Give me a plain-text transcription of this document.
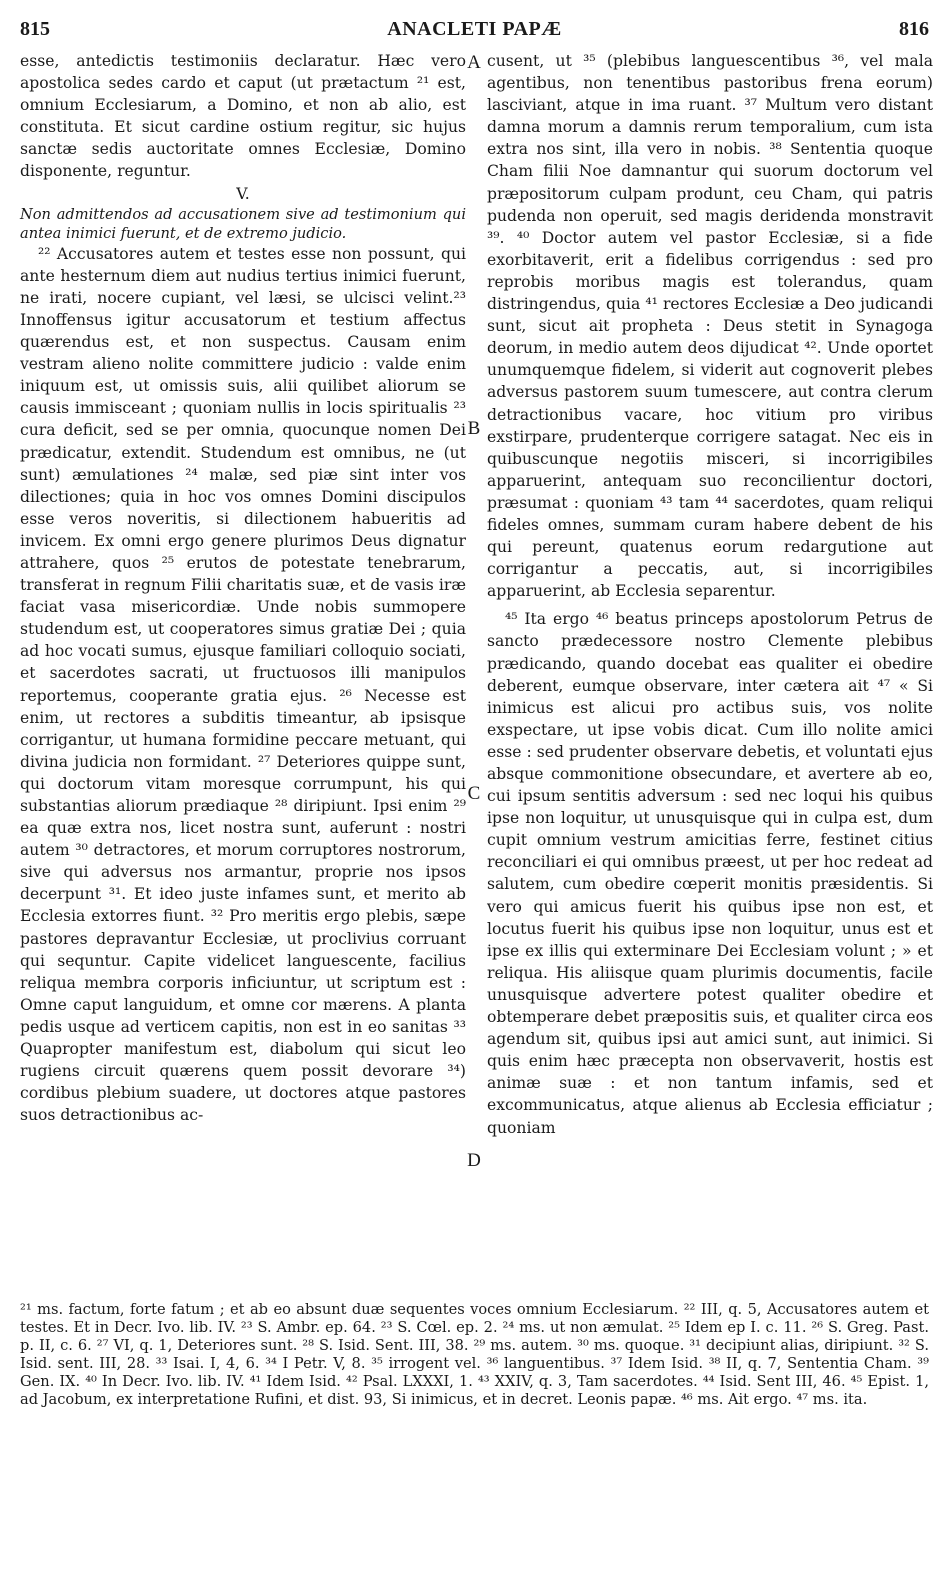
815	ANACLETI PAPÆ	816

esse, antedictis testimoniis declaratur. Hæc vero apostolica sedes cardo et caput (ut prætactum ²¹ est, omnium Ecclesiarum, a Domino, et non ab alio, est constituta. Et sicut cardine ostium regitur, sic hujus sanctæ sedis auctoritate omnes Ecclesiæ, Domino disponente, reguntur.

V.

Non admittendos ad accusationem sive ad testimonium qui antea inimici fuerunt, et de extremo judicio.

²² Accusatores autem et testes esse non possunt, qui ante hesternum diem aut nudius tertius inimici fuerunt, ne irati, nocere cupiant, vel læsi, se ulcisci velint.²³ Innoffensus igitur accusatorum et testium affectus quærendus est, et non suspectus. Causam enim vestram alieno nolite committere judicio : valde enim iniquum est, ut omissis suis, alii quilibet aliorum se causis immisceant ; quoniam nullis in locis spiritualis ²³ cura deficit, sed se per omnia, quocunque nomen Dei prædicatur, extendit. Studendum est omnibus, ne (ut sunt) æmulationes ²⁴ malæ, sed piæ sint inter vos dilectiones; quia in hoc vos omnes Domini discipulos esse veros noveritis, si dilectionem habueritis ad invicem. Ex omni ergo genere plurimos Deus dignatur attrahere, quos ²⁵ erutos de potestate tenebrarum, transferat in regnum Filii charitatis suæ, et de vasis iræ faciat vasa misericordiæ. Unde nobis summopere studendum est, ut cooperatores simus gratiæ Dei ; quia ad hoc vocati sumus, ejusque familiari colloquio sociati, et sacerdotes sacrati, ut fructuosos illi manipulos reportemus, cooperante gratia ejus. ²⁶ Necesse est enim, ut rectores a subditis timeantur, ab ipsisque corrigantur, ut humana formidine peccare metuant, qui divina judicia non formidant. ²⁷ Deteriores quippe sunt, qui doctorum vitam moresque corrumpunt, his qui substantias aliorum prædiaque ²⁸ diripiunt. Ipsi enim ²⁹ ea quæ extra nos, licet nostra sunt, auferunt : nostri autem ³⁰ detractores, et morum corruptores nostrorum, sive qui adversus nos armantur, proprie nos ipsos decerpunt ³¹. Et ideo juste infames sunt, et merito ab Ecclesia extorres fiunt. ³² Pro meritis ergo plebis, sæpe pastores depravantur Ecclesiæ, ut proclivius corruant qui sequntur. Capite videlicet languescente, facilius reliqua membra corporis inficiuntur, ut scriptum est : Omne caput languidum, et omne cor mærens. A planta pedis usque ad verticem capitis, non est in eo sanitas ³³ Quapropter manifestum est, diabolum qui sicut leo rugiens circuit quærens quem possit devorare ³⁴) cordibus plebium suadere, ut doctores atque pastores suos detractionibus ac-

A
B
C
D

cusent, ut ³⁵ (plebibus languescentibus ³⁶, vel mala agentibus, non tenentibus pastoribus frena eorum) lasciviant, atque in ima ruant. ³⁷ Multum vero distant damna morum a damnis rerum temporalium, cum ista extra nos sint, illa vero in nobis. ³⁸ Sententia quoque Cham filii Noe damnantur qui suorum doctorum vel præpositorum culpam produnt, ceu Cham, qui patris pudenda non operuit, sed magis deridenda monstravit ³⁹. ⁴⁰ Doctor autem vel pastor Ecclesiæ, si a fide exorbitaverit, erit a fidelibus corrigendus : sed pro reprobis moribus magis est tolerandus, quam distringendus, quia ⁴¹ rectores Ecclesiæ a Deo judicandi sunt, sicut ait propheta : Deus stetit in Synagoga deorum, in medio autem deos dijudicat ⁴². Unde oportet unumquemque fidelem, si viderit aut cognoverit plebes adversus pastorem suum tumescere, aut contra clerum detractionibus vacare, hoc vitium pro viribus exstirpare, prudenterque corrigere satagat. Nec eis in quibuscunque negotiis misceri, si incorrigibiles apparuerint, antequam suo reconcilientur doctori, præsumat : quoniam ⁴³ tam ⁴⁴ sacerdotes, quam reliqui fideles omnes, summam curam habere debent de his qui pereunt, quatenus eorum redargutione aut corrigantur a peccatis, aut, si incorrigibiles apparuerint, ab Ecclesia separentur.

⁴⁵ Ita ergo ⁴⁶ beatus princeps apostolorum Petrus de sancto prædecessore nostro Clemente plebibus prædicando, quando docebat eas qualiter ei obedire deberent, eumque observare, inter cætera ait ⁴⁷ « Si inimicus est alicui pro actibus suis, vos nolite exspectare, ut ipse vobis dicat. Cum illo nolite amici esse : sed prudenter observare debetis, et voluntati ejus absque commonitione obsecundare, et avertere ab eo, cui ipsum sentitis adversum : sed nec loqui his quibus ipse non loquitur, ut unusquisque qui in culpa est, dum cupit omnium vestrum amicitias ferre, festinet citius reconciliari ei qui omnibus præest, ut per hoc redeat ad salutem, cum obedire cœperit monitis præsidentis. Si vero qui amicus fuerit his quibus ipse non est, et locutus fuerit his quibus ipse non loquitur, unus est et ipse ex illis qui exterminare Dei Ecclesiam volunt ; » et reliqua. His aliisque quam plurimis documentis, facile unusquisque advertere potest qualiter obedire et obtemperare debet præpositis suis, et qualiter circa eos agendum sit, quibus ipsi aut amici sunt, aut inimici. Si quis enim hæc præcepta non observaverit, hostis est animæ suæ : et non tantum infamis, sed et excommunicatus, atque alienus ab Ecclesia efficiatur ; quoniam

²¹ ms. factum, forte fatum ; et ab eo absunt duæ sequentes voces omnium Ecclesiarum. ²² III, q. 5, Accusatores autem et testes. Et in Decr. Ivo. lib. IV. ²³ S. Ambr. ep. 64. ²³ S. Cœl. ep. 2. ²⁴ ms. ut non æmulat. ²⁵ Idem ep I. c. 11. ²⁶ S. Greg. Past. p. II, c. 6. ²⁷ VI, q. 1, Deteriores sunt. ²⁸ S. Isid. Sent. III, 38. ²⁹ ms. autem. ³⁰ ms. quoque. ³¹ decipiunt alias, diripiunt. ³² S. Isid. sent. III, 28. ³³ Isai. I, 4, 6. ³⁴ I Petr. V, 8. ³⁵ irrogent vel. ³⁶ languentibus. ³⁷ Idem Isid. ³⁸ II, q. 7, Sententia Cham. ³⁹ Gen. IX. ⁴⁰ In Decr. Ivo. lib. IV. ⁴¹ Idem Isid. ⁴² Psal. LXXXI, 1. ⁴³ XXIV, q. 3, Tam sacerdotes. ⁴⁴ Isid. Sent III, 46. ⁴⁵ Epist. 1, ad Jacobum, ex interpretatione Rufini, et dist. 93, Si inimicus, et in decret. Leonis papæ. ⁴⁶ ms. Ait ergo. ⁴⁷ ms. ita.
